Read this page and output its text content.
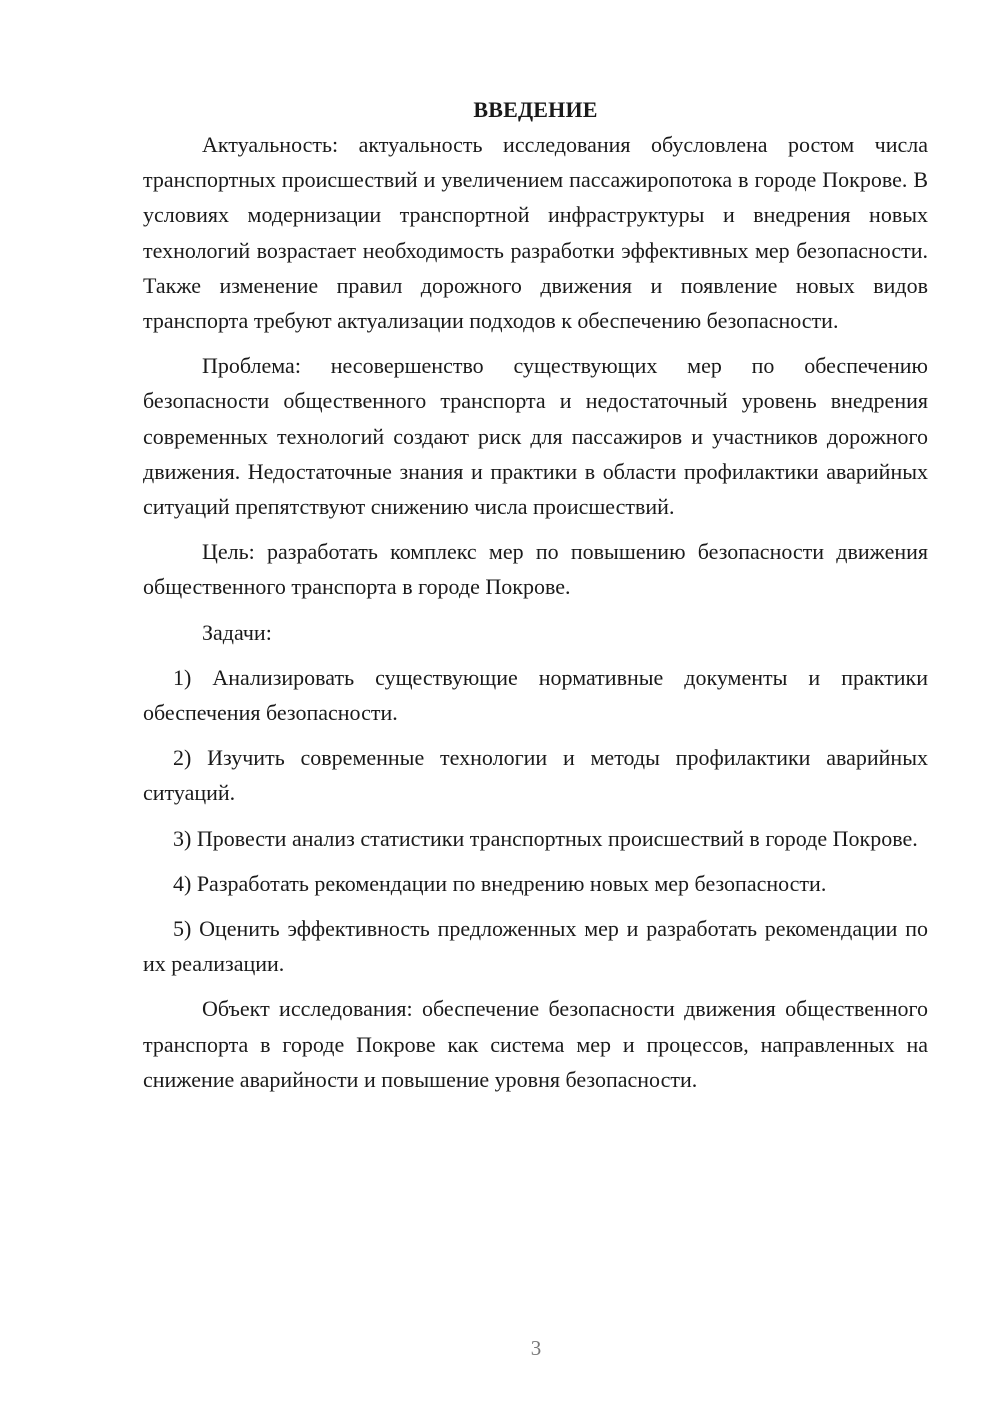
ВВЕДЕНИЕ

Актуальность: актуальность исследования обусловлена ростом числа транспортных происшествий и увеличением пассажиропотока в городе Покрове. В условиях модернизации транспортной инфраструктуры и внедрения новых технологий возрастает необходимость разработки эффективных мер безопасности. Также изменение правил дорожного движения и появление новых видов транспорта требуют актуализации подходов к обеспечению безопасности.

Проблема: несовершенство существующих мер по обеспечению безопасности общественного транспорта и недостаточный уровень внедрения современных технологий создают риск для пассажиров и участников дорожного движения. Недостаточные знания и практики в области профилактики аварийных ситуаций препятствуют снижению числа происшествий.

Цель: разработать комплекс мер по повышению безопасности движения общественного транспорта в городе Покрове.

Задачи:

1) Анализировать существующие нормативные документы и практики обеспечения безопасности.

2) Изучить современные технологии и методы профилактики аварийных ситуаций.

3) Провести анализ статистики транспортных происшествий в городе Покрове.

4) Разработать рекомендации по внедрению новых мер безопасности.

5) Оценить эффективность предложенных мер и разработать рекомендации по их реализации.

Объект исследования: обеспечение безопасности движения общественного транспорта в городе Покрове как система мер и процессов, направленных на снижение аварийности и повышение уровня безопасности.

3
